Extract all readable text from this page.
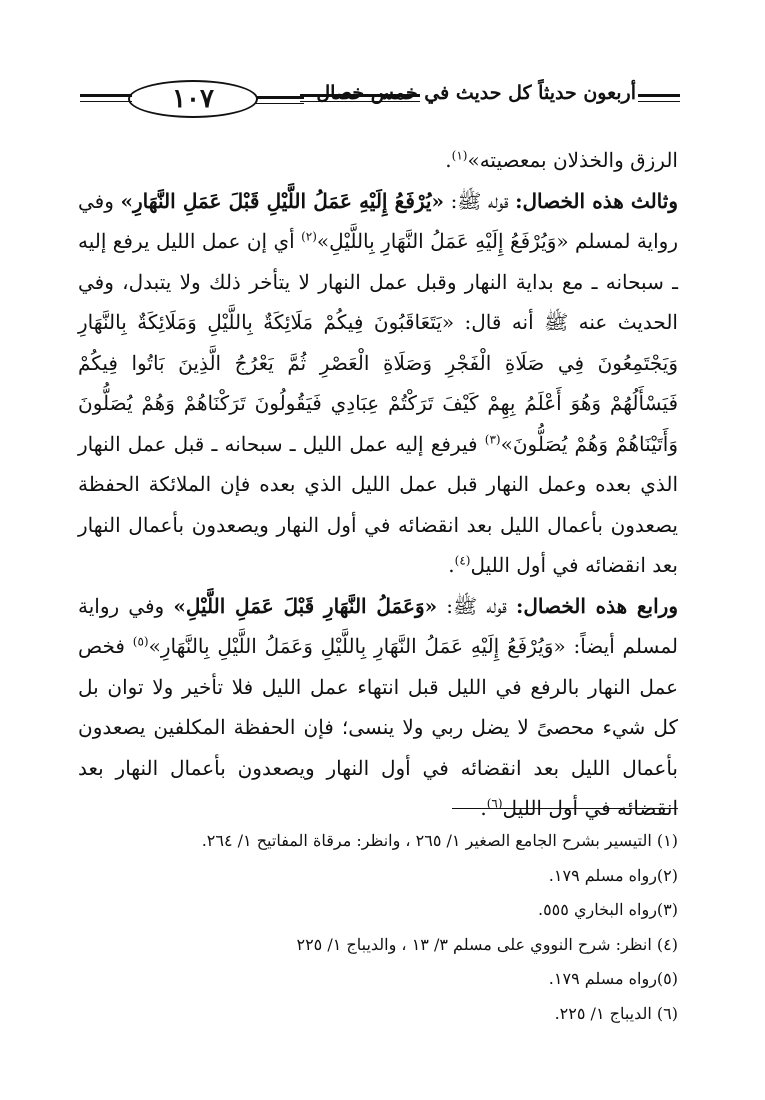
١٠٧	أربعون حديثاً كل حديث في خمس خصال

الرزق والخذلان بمعصيته»$^{(١)}$.

وثالث هذه الخصال: قوله ﷺ: «يُرْفَعُ إِلَيْهِ عَمَلُ اللَّيْلِ قَبْلَ عَمَلِ النَّهَارِ» وفي رواية لمسلم «وَيُرْفَعُ إِلَيْهِ عَمَلُ النَّهَارِ بِاللَّيْلِ»$^{(٢)}$ أي إن عمل الليل يرفع إليه ـ سبحانه ـ مع بداية النهار وقبل عمل النهار لا يتأخر ذلك ولا يتبدل، وفي الحديث عنه ﷺ أنه قال: «يَتَعَاقَبُونَ فِيكُمْ مَلَائِكَةٌ بِاللَّيْلِ وَمَلَائِكَةٌ بِالنَّهَارِ وَيَجْتَمِعُونَ فِي صَلَاةِ الْفَجْرِ وَصَلَاةِ الْعَصْرِ ثُمَّ يَعْرُجُ الَّذِينَ بَاتُوا فِيكُمْ فَيَسْأَلُهُمْ وَهُوَ أَعْلَمُ بِهِمْ كَيْفَ تَرَكْتُمْ عِبَادِي فَيَقُولُونَ تَرَكْنَاهُمْ وَهُمْ يُصَلُّونَ وَأَتَيْنَاهُمْ وَهُمْ يُصَلُّونَ»$^{(٣)}$ فيرفع إليه عمل الليل ـ سبحانه ـ قبل عمل النهار الذي بعده وعمل النهار قبل عمل الليل الذي بعده فإن الملائكة الحفظة يصعدون بأعمال الليل بعد انقضائه في أول النهار ويصعدون بأعمال النهار بعد انقضائه في أول الليل$^{(٤)}$.

ورابع هذه الخصال: قوله ﷺ: «وَعَمَلُ النَّهَارِ قَبْلَ عَمَلِ اللَّيْلِ» وفي رواية لمسلم أيضاً: «وَيُرْفَعُ إِلَيْهِ عَمَلُ النَّهَارِ بِاللَّيْلِ وَعَمَلُ اللَّيْلِ بِالنَّهَارِ»$^{(٥)}$ فخص عمل النهار بالرفع في الليل قبل انتهاء عمل الليل فلا تأخير ولا توان بل كل شيء محصىً لا يضل ربي ولا ينسى؛ فإن الحفظة المكلفين يصعدون بأعمال الليل بعد انقضائه في أول النهار ويصعدون بأعمال النهار بعد انقضائه في أول الليل$^{(٦)}$.

(١) التيسير بشرح الجامع الصغير ١/ ٢٦٥ ، وانظر: مرقاة المفاتيح ١/ ٢٦٤.
(٢)رواه مسلم ١٧٩.
(٣)رواه البخاري ٥٥٥.
(٤) انظر: شرح النووي على مسلم ٣/ ١٣ ، والديباج ١/ ٢٢٥
(٥)رواه مسلم ١٧٩.
(٦) الديباج ١/ ٢٢٥.
